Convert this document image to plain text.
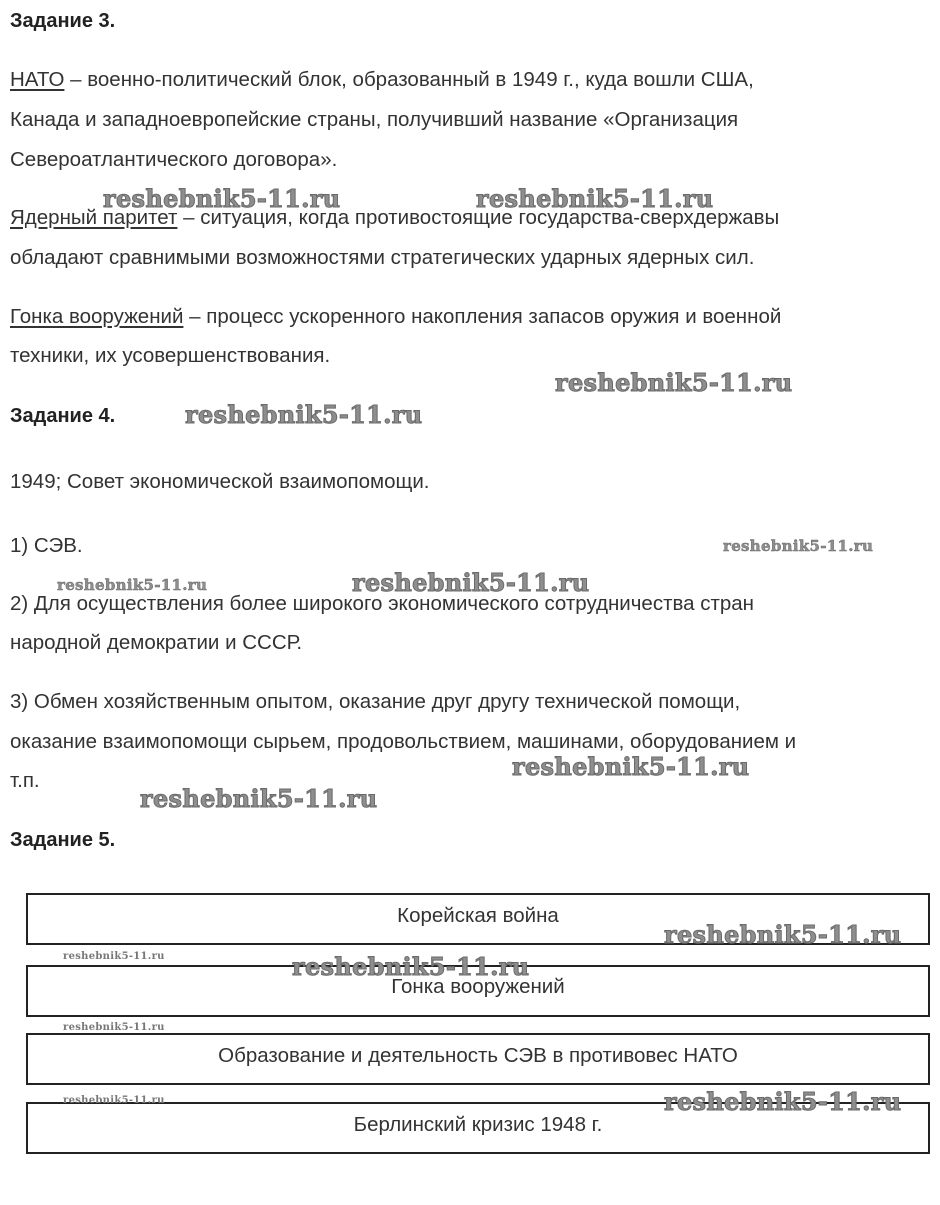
Задание 3.
НАТО – военно-политический блок, образованный в 1949 г., куда вошли США,
Канада и западноевропейские страны, получивший название «Организация
Североатлантического договора».
Ядерный паритет – ситуация, когда противостоящие государства-сверхдержавы
обладают сравнимыми возможностями стратегических ударных ядерных сил.
Гонка вооружений – процесс ускоренного накопления запасов оружия и военной
техники, их усовершенствования.
Задание 4.
1949; Совет экономической взаимопомощи.
1) СЭВ.
2) Для осуществления более широкого экономического сотрудничества стран
народной демократии и СССР.
3) Обмен хозяйственным опытом, оказание друг другу технической помощи,
оказание взаимопомощи сырьем, продовольствием, машинами, оборудованием и
т.п.
Задание 5.
Корейская война
Гонка вооружений
Образование и деятельность СЭВ в противовес НАТО
Берлинский кризис 1948 г.
reshebnik5-11.ru	reshebnik5-11.ru
reshebnik5-11.ru
reshebnik5-11.ru
reshebnik5-11.ru
reshebnik5-11.ru	reshebnik5-11.ru
reshebnik5-11.ru
reshebnik5-11.ru
reshebnik5-11.ru
reshebnik5-11.ru	reshebnik5-11.ru
reshebnik5-11.ru
reshebnik5-11.ru	reshebnik5-11.ru
